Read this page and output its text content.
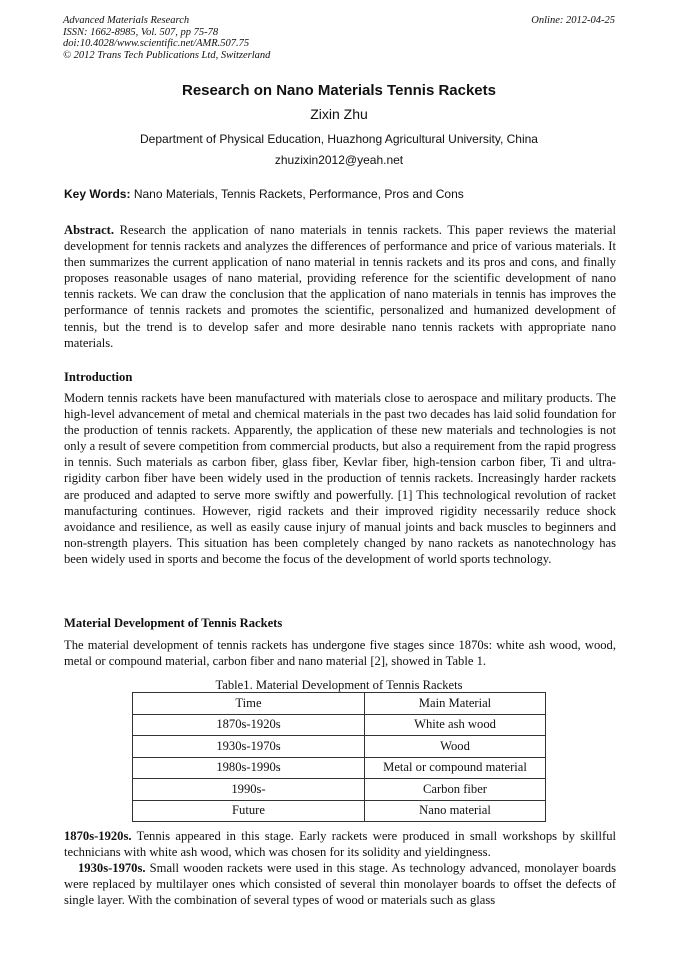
Advanced Materials Research
ISSN: 1662-8985, Vol. 507, pp 75-78
doi:10.4028/www.scientific.net/AMR.507.75
© 2012 Trans Tech Publications Ltd, Switzerland
Online: 2012-04-25
Research on Nano Materials Tennis Rackets
Zixin Zhu
Department of Physical Education, Huazhong Agricultural University, China
zhuzixin2012@yeah.net
Key Words: Nano Materials, Tennis Rackets, Performance, Pros and Cons
Abstract. Research the application of nano materials in tennis rackets. This paper reviews the material development for tennis rackets and analyzes the differences of performance and price of various materials. It then summarizes the current application of nano material in tennis rackets and its pros and cons, and finally proposes reasonable usages of nano material, providing reference for the scientific development of nano tennis rackets. We can draw the conclusion that the application of nano materials in tennis has improves the performance of tennis rackets and promotes the scientific, personalized and humanized development of tennis, but the trend is to develop safer and more desirable nano tennis rackets with appropriate nano materials.
Introduction
Modern tennis rackets have been manufactured with materials close to aerospace and military products. The high-level advancement of metal and chemical materials in the past two decades has laid solid foundation for the production of tennis rackets. Apparently, the application of these new materials and technologies is not only a result of severe competition from commercial products, but also a requirement from the rapid progress in tennis. Such materials as carbon fiber, glass fiber, Kevlar fiber, high-tension carbon fiber, Ti and ultra-rigidity carbon fiber have been widely used in the production of tennis rackets. Increasingly harder rackets are produced and adapted to serve more swiftly and powerfully. [1] This technological revolution of racket manufacturing continues. However, rigid rackets and their improved rigidity necessarily reduce shock avoidance and resilience, as well as easily cause injury of manual joints and back muscles to beginners and non-strength players. This situation has been completely changed by nano rackets as nanotechnology has been widely used in sports and become the focus of the development of world sports technology.
Material Development of Tennis Rackets
The material development of tennis rackets has undergone five stages since 1870s: white ash wood, wood, metal or compound material, carbon fiber and nano material [2], showed in Table 1.
Table1. Material Development of Tennis Rackets
Time	Main Material
1870s-1920s	White ash wood
1930s-1970s	Wood
1980s-1990s	Metal or compound material
1990s-	Carbon fiber
Future	Nano material
1870s-1920s. Tennis appeared in this stage. Early rackets were produced in small workshops by skillful technicians with white ash wood, which was chosen for its solidity and yieldingness.
1930s-1970s. Small wooden rackets were used in this stage. As technology advanced, monolayer boards were replaced by multilayer ones which consisted of several thin monolayer boards to offset the defects of single layer. With the combination of several types of wood or materials such as glass
